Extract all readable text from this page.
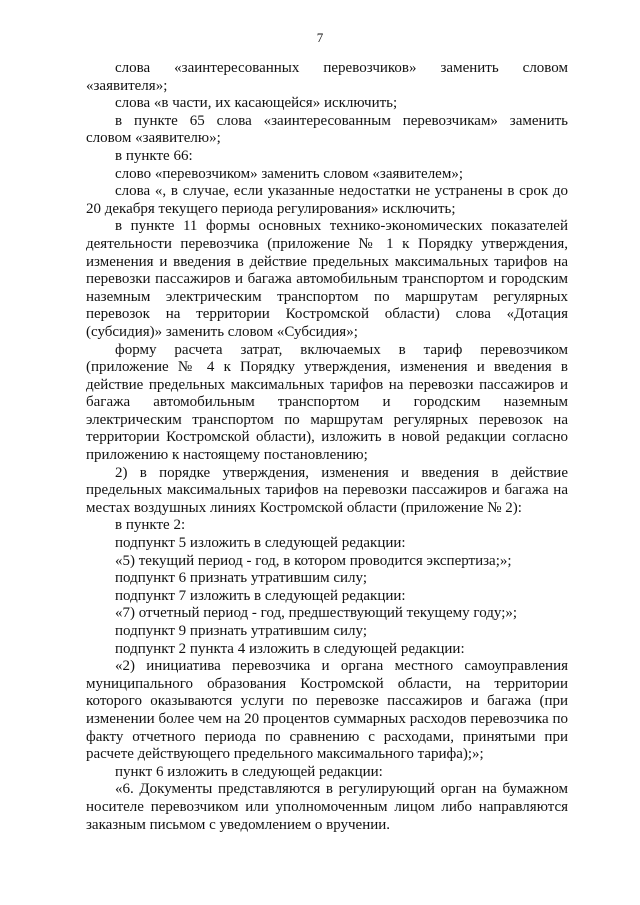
7

слова «заинтересованных перевозчиков» заменить словом «заявителя»;

слова «в части, их касающейся» исключить;

в пункте 65 слова «заинтересованным перевозчикам» заменить словом «заявителю»;

в пункте 66:

слово «перевозчиком» заменить словом «заявителем»;

слова «, в случае, если указанные недостатки не устранены в срок до 20 декабря текущего периода регулирования» исключить;

в пункте 11 формы основных технико-экономических показателей деятельности перевозчика (приложение № 1 к Порядку утверждения, изменения и введения в действие предельных максимальных тарифов на перевозки пассажиров и багажа автомобильным транспортом и городским наземным электрическим транспортом по маршрутам регулярных перевозок на территории Костромской области) слова «Дотация (субсидия)» заменить словом «Субсидия»;

форму расчета затрат, включаемых в тариф перевозчиком (приложение № 4 к Порядку утверждения, изменения и введения в действие предельных максимальных тарифов на перевозки пассажиров и багажа автомобильным транспортом и городским наземным электрическим транспортом по маршрутам регулярных перевозок на территории Костромской области), изложить в новой редакции согласно приложению к настоящему постановлению;

2) в порядке утверждения, изменения и введения в действие предельных максимальных тарифов на перевозки пассажиров и багажа на местах воздушных линиях Костромской области (приложение № 2):

в пункте 2:

подпункт 5 изложить в следующей редакции:

«5) текущий период - год, в котором проводится экспертиза;»;

подпункт 6 признать утратившим силу;

подпункт 7 изложить в следующей редакции:

«7) отчетный период - год, предшествующий текущему году;»;

подпункт 9 признать утратившим силу;

подпункт 2 пункта 4 изложить в следующей редакции:

«2) инициатива перевозчика и органа местного самоуправления муниципального образования Костромской области, на территории которого оказываются услуги по перевозке пассажиров и багажа (при изменении более чем на 20 процентов суммарных расходов перевозчика по факту отчетного периода по сравнению с расходами, принятыми при расчете действующего предельного максимального тарифа);»;

пункт 6 изложить в следующей редакции:

«6. Документы представляются в регулирующий орган на бумажном носителе перевозчиком или уполномоченным лицом либо направляются заказным письмом с уведомлением о вручении.
